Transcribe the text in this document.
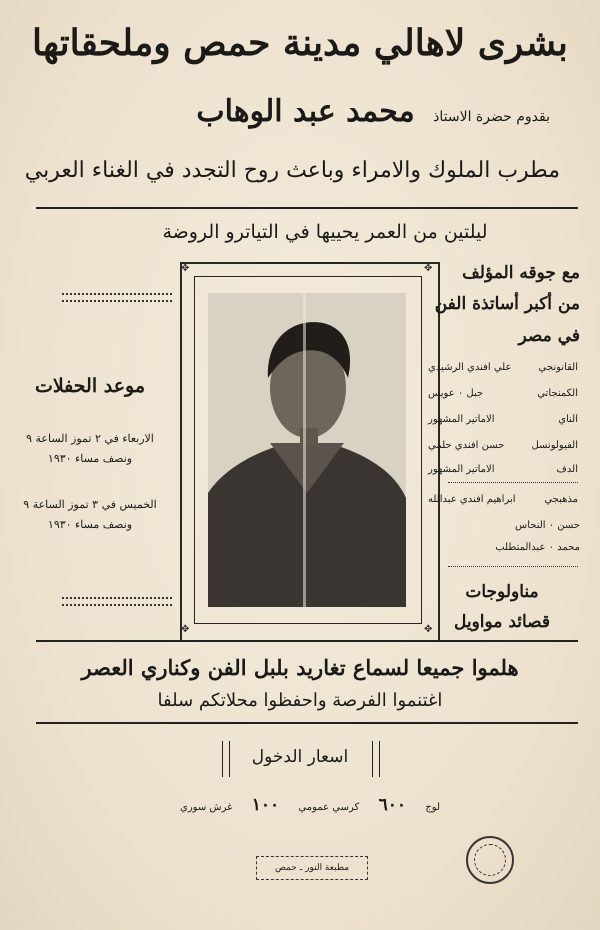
بشرى لاهالي مدينة حمص وملحقاتها
بقدوم حضرة الاستاذ محمد عبد الوهاب
مطرب الملوك والامراء وباعث روح التجدد في الغناء العربي
ليلتين من العمر يحييها في التياترو الروضة
✥	✥
✥	✥
مع جوقه المؤلف
من أكبر أساتذة الفن
في مصر
القانونجي
علي افندي الرشيدي
الكمنجاتي
جبل ٠ عويس
الناي
الاماتير المشهور
الفيولونسل
حسن افندي حلمي
الدف
الاماتير المشهور
مذهبجي
ابراهيم افندي عبدالله
حسن ٠ النحاس
محمد ٠ عبدالمتطلب
مناولوجات
قصائد مواويل
موعد الحفلات
الاربعاء في ٢ تموز الساعة ٩
ونصف مساء ١٩٣٠
الخميس في ٣ تموز الساعة ٩
ونصف مساء ١٩٣٠
هلموا جميعا لسماع تغاريد بلبل الفن وكناري العصر
اغتنموا الفرصة واحفظوا محلاتكم سلفا
اسعار الدخول
لوج
٦٠٠
كرسي عمومي
١٠٠
غرش سوري
مطبعة النور ـ حمص
